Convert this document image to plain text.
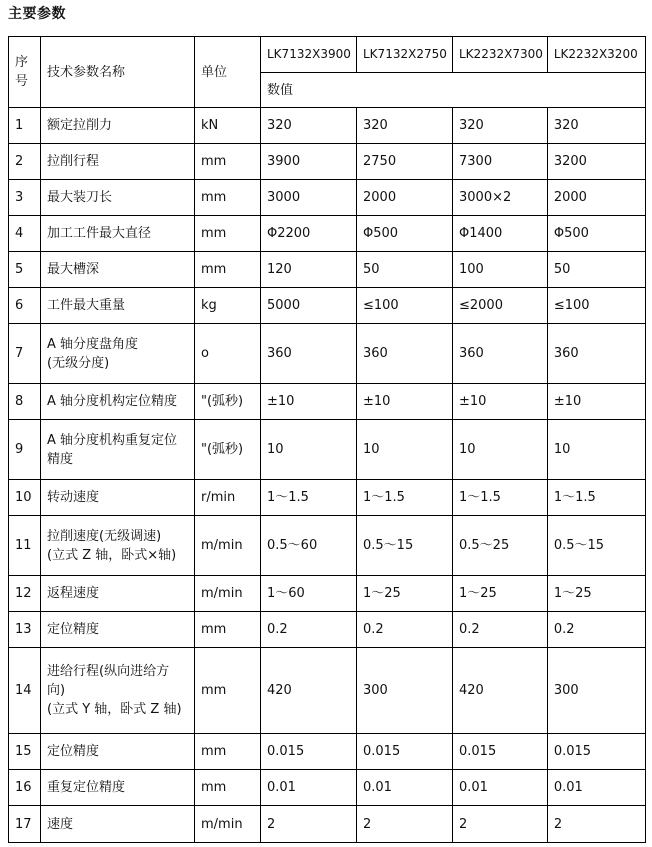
主要参数
序
号	技术参数名称	单位	LK7132X3900	LK7132X2750	LK2232X7300	LK2232X3200
			数值			
1	额定拉削力	kN	320	320	320	320
2	拉削行程	mm	3900	2750	7300	3200
3	最大装刀长	mm	3000	2000	3000×2	2000
4	加工工件最大直径	mm	Φ2200	Φ500	Φ1400	Φ500
5	最大槽深	mm	120	50	100	50
6	工件最大重量	kg	5000	≤100	≤2000	≤100
7	A 轴分度盘角度
(无级分度)	o	360	360	360	360
8	A 轴分度机构定位精度	"(弧秒)	±10	±10	±10	±10
9	A 轴分度机构重复定位
精度	"(弧秒)	10	10	10	10
10	转动速度	r/min	1～1.5	1～1.5	1～1.5	1～1.5
11	拉削速度(无级调速)
(立式 Z 轴，卧式×轴)	m/min	0.5～60	0.5～15	0.5～25	0.5～15
12	返程速度	m/min	1～60	1～25	1～25	1～25
13	定位精度	mm	0.2	0.2	0.2	0.2
14	进给行程(纵向进给方
向)
(立式 Y 轴，卧式 Z 轴)	mm	420	300	420	300
15	定位精度	mm	0.015	0.015	0.015	0.015
16	重复定位精度	mm	0.01	0.01	0.01	0.01
17	速度	m/min	2	2	2	2
